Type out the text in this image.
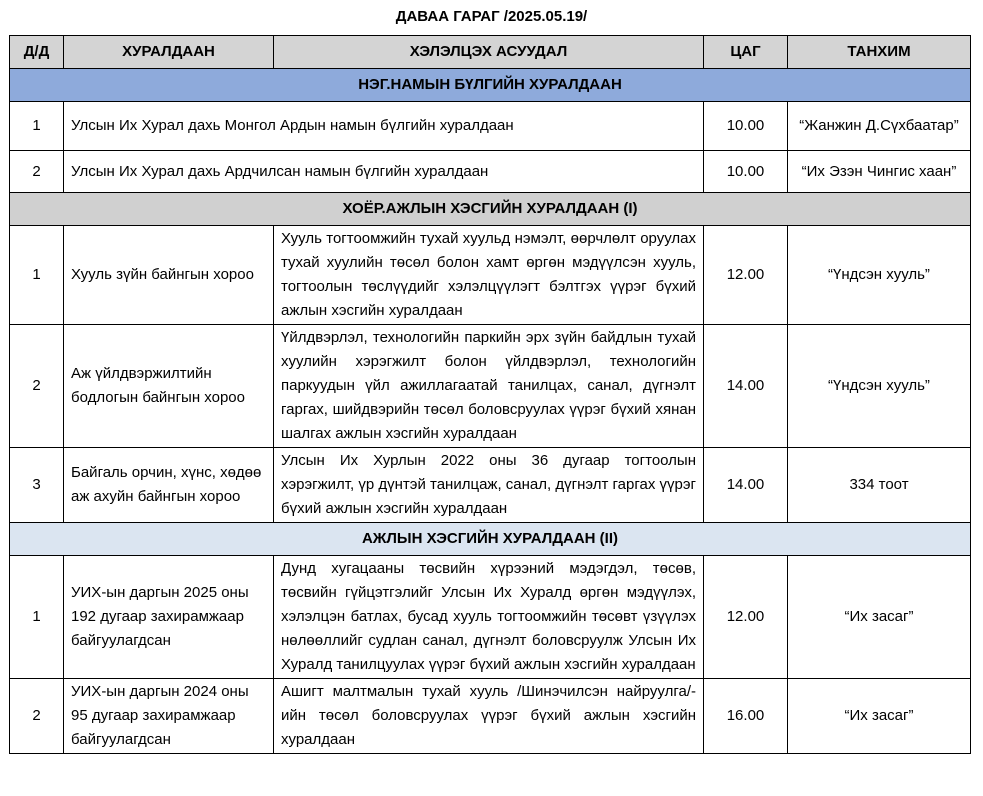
ДАВАА ГАРАГ /2025.05.19/
Д/Д	ХУРАЛДААН	ХЭЛЭЛЦЭХ АСУУДАЛ	ЦАГ	ТАНХИМ
НЭГ.НАМЫН БҮЛГИЙН ХУРАЛДААН				
1	Улсын Их Хурал дахь Монгол Ардын намын бүлгийн хуралдаан		10.00	“Жанжин Д.Сүхбаатар”
2	Улсын Их Хурал дахь Ардчилсан намын бүлгийн хуралдаан		10.00	“Их Эзэн Чингис хаан”
ХОЁР.АЖЛЫН ХЭСГИЙН ХУРАЛДААН (I)				
1	Хууль зүйн байнгын хороо	Хууль тогтоомжийн тухай хуульд нэмэлт, өөрчлөлт оруулах тухай хуулийн төсөл болон хамт өргөн мэдүүлсэн хууль, тогтоолын төслүүдийг хэлэлцүүлэгт бэлтгэх үүрэг бүхий ажлын хэсгийн хуралдаан	12.00	“Үндсэн хууль”
2	Аж үйлдвэржилтийн бодлогын байнгын хороо	Үйлдвэрлэл, технологийн паркийн эрх зүйн байдлын тухай хуулийн хэрэгжилт болон үйлдвэрлэл, технологийн паркуудын үйл ажиллагаатай танилцах, санал, дүгнэлт гаргах, шийдвэрийн төсөл боловсруулах үүрэг бүхий хянан шалгах ажлын хэсгийн хуралдаан	14.00	“Үндсэн хууль”
3	Байгаль орчин, хүнс, хөдөө аж ахуйн байнгын хороо	Улсын Их Хурлын 2022 оны 36 дугаар тогтоолын хэрэгжилт, үр дүнтэй танилцаж, санал, дүгнэлт гаргах үүрэг бүхий ажлын хэсгийн хуралдаан	14.00	334 тоот
АЖЛЫН ХЭСГИЙН ХУРАЛДААН (II)				
1	УИХ-ын даргын 2025 оны 192 дугаар захирамжаар байгуулагдсан	Дунд хугацааны төсвийн хүрээний мэдэгдэл, төсөв, төсвийн гүйцэтгэлийг Улсын Их Хуралд өргөн мэдүүлэх, хэлэлцэн батлах, бусад хууль тогтоомжийн төсөвт үзүүлэх нөлөөллийг судлан санал, дүгнэлт боловсруулж Улсын Их Хуралд танилцуулах үүрэг бүхий ажлын хэсгийн хуралдаан	12.00	“Их засаг”
2	УИХ-ын даргын 2024 оны 95 дугаар захирамжаар байгуулагдсан	Ашигт малтмалын тухай хууль /Шинэчилсэн найруулга/-ийн төсөл боловсруулах үүрэг бүхий ажлын хэсгийн хуралдаан	16.00	“Их засаг”
